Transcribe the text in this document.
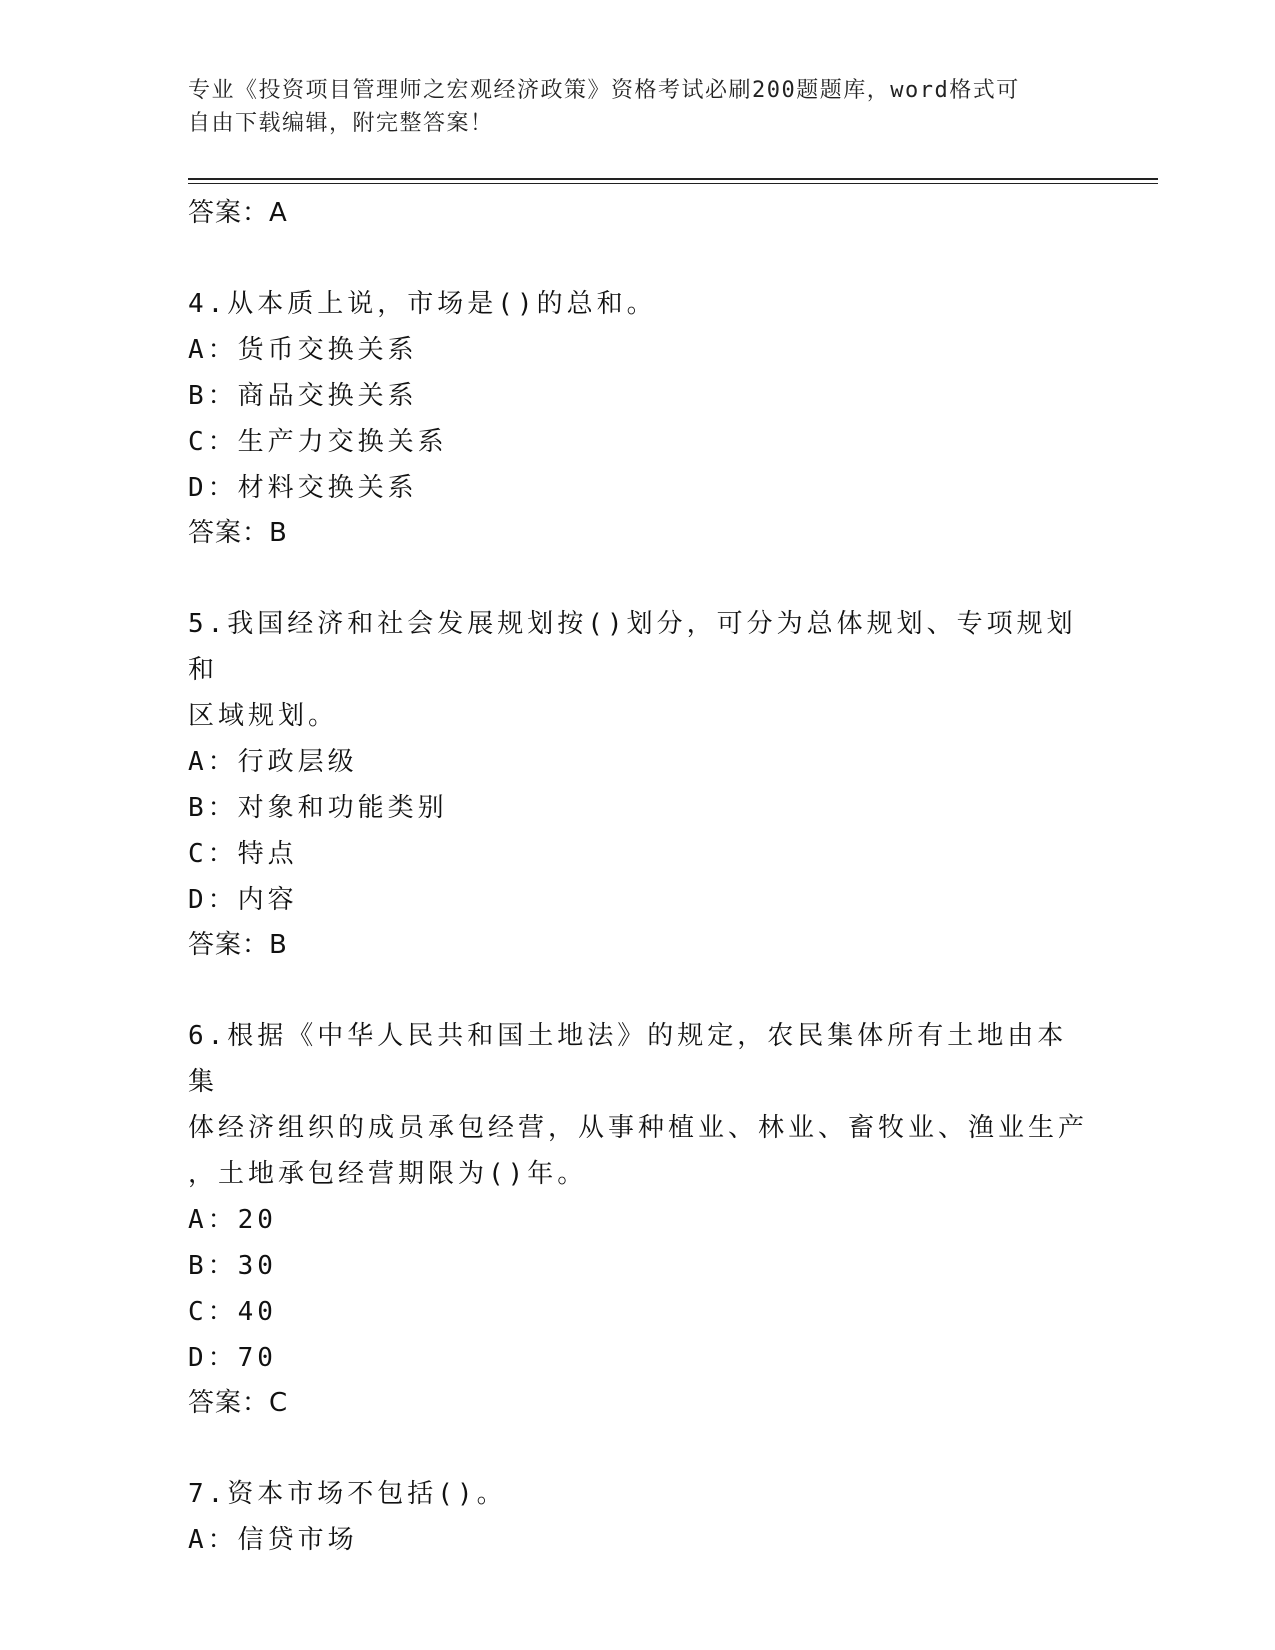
专业《投资项目管理师之宏观经济政策》资格考试必刷200题题库，word格式可
自由下载编辑，附完整答案！
答案：A
4.从本质上说，市场是()的总和。
A：货币交换关系
B：商品交换关系
C：生产力交换关系
D：材料交换关系
答案：B
5.我国经济和社会发展规划按()划分，可分为总体规划、专项规划和
区域规划。
A：行政层级
B：对象和功能类别
C：特点
D：内容
答案：B
6.根据《中华人民共和国土地法》的规定，农民集体所有土地由本集
体经济组织的成员承包经营，从事种植业、林业、畜牧业、渔业生产
，土地承包经营期限为()年。
A：20
B：30
C：40
D：70
答案：C
7.资本市场不包括()。
A：信贷市场
